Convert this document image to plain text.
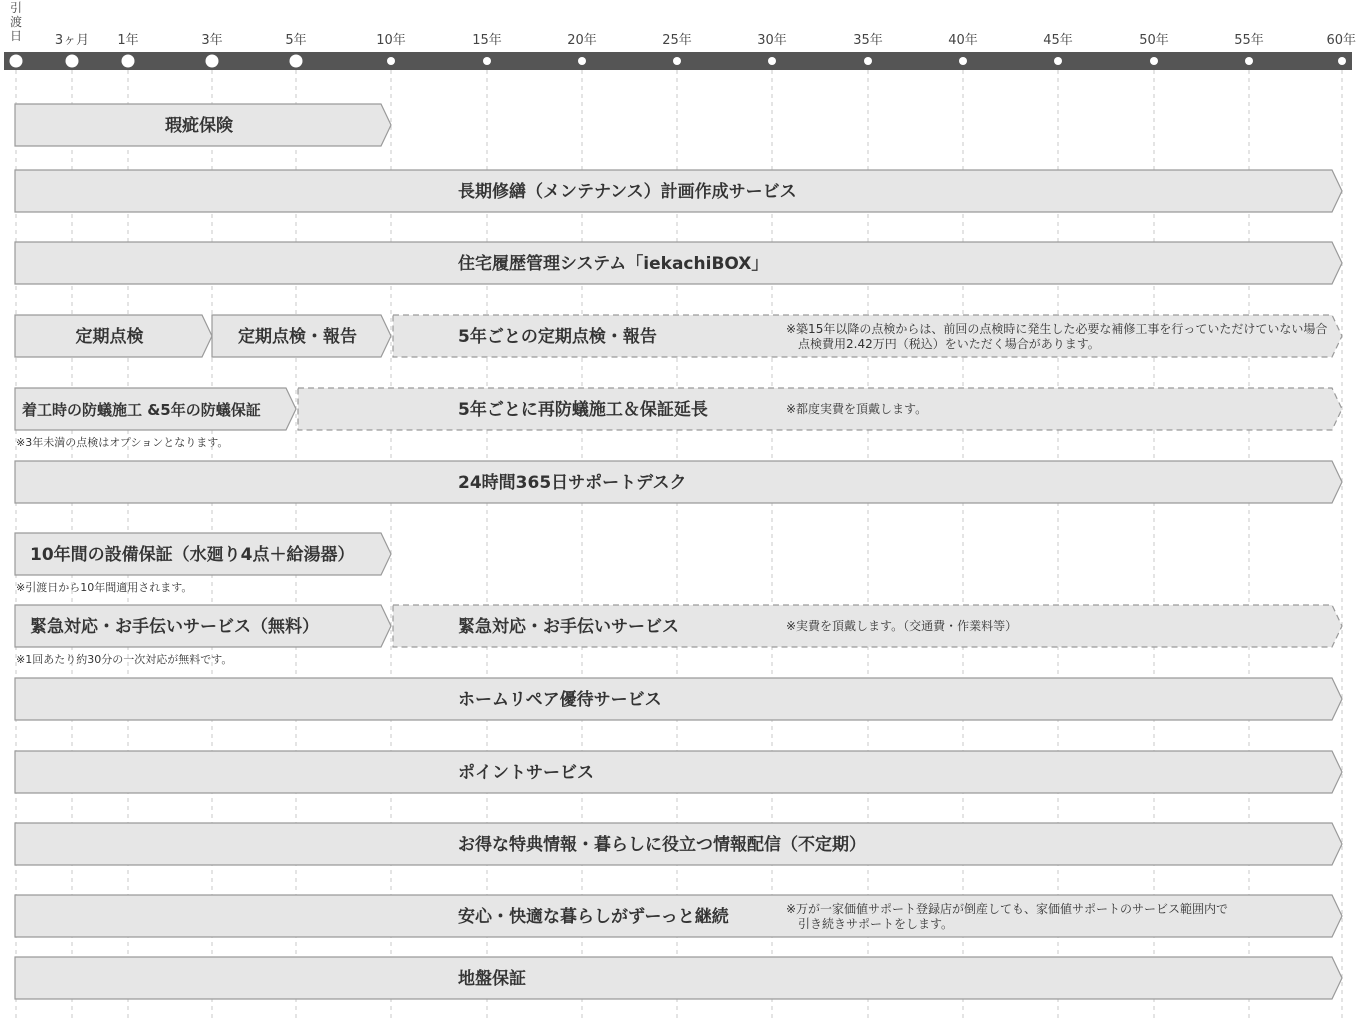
引渡日	3ヶ月 1年	3年	5年	10年	15年	20年	25年	30年	35年	40年	45年	50年	55年	60年
瑕疵保険
長期修繕（メンテナンス）計画作成サービス
住宅履歴管理システム「iekachiBOX」
定期点検	定期点検・報告	5年ごとの定期点検・報告	※築15年以降の点検からは、前回の点検時に発生した必要な補修工事を行っていただけていない場合
点検費用2.42万円（税込）をいただく場合があります。
着工時の防蟻施工 &5年の防蟻保証	5年ごとに再防蟻施工＆保証延長	※都度実費を頂戴します。
※3年未満の点検はオプションとなります。
24時間365日サポートデスク
10年間の設備保証（水廻り4点＋給湯器）
※引渡日から10年間適用されます。
緊急対応・お手伝いサービス（無料）	緊急対応・お手伝いサービス	※実費を頂戴します。（交通費・作業料等）
※1回あたり約30分の一次対応が無料です。
ホームリペア優待サービス
ポイントサービス
お得な特典情報・暮らしに役立つ情報配信（不定期）
安心・快適な暮らしがずーっと継続	※万が一家価値サポート登録店が倒産しても、家価値サポートのサービス範囲内で
引き続きサポートをします。
地盤保証
